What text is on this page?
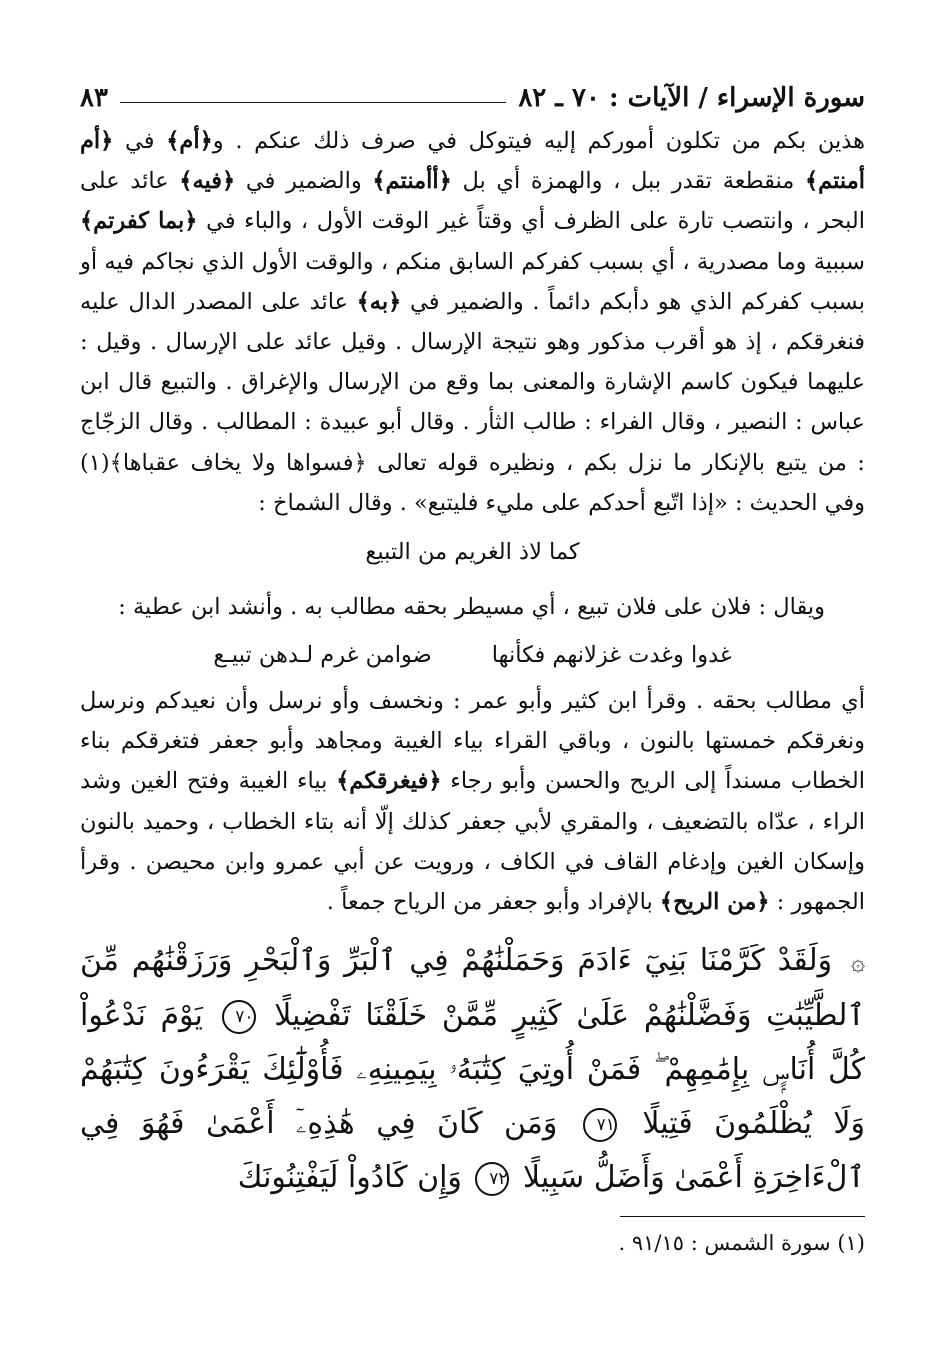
سورة الإسراء / الآيات : ٧٠ ـ ٨٢
٨٣

هذين بكم من تكلون أموركم إليه فيتوكل في صرف ذلك عنكم . و﴿أم﴾ في ﴿أم أمنتم﴾ منقطعة تقدر ببل ، والهمزة أي بل ﴿أأمنتم﴾ والضمير في ﴿فيه﴾ عائد على البحر ، وانتصب تارة على الظرف أي وقتاً غير الوقت الأول ، والباء في ﴿بما كفرتم﴾ سببية وما مصدرية ، أي بسبب كفركم السابق منكم ، والوقت الأول الذي نجاكم فيه أو بسبب كفركم الذي هو دأبكم دائماً . والضمير في ﴿به﴾ عائد على المصدر الدال عليه فنغرقكم ، إذ هو أقرب مذكور وهو نتيجة الإرسال . وقيل عائد على الإرسال . وقيل : عليهما فيكون كاسم الإشارة والمعنى بما وقع من الإرسال والإغراق . والتبيع قال ابن عباس : النصير ، وقال الفراء : طالب الثأر . وقال أبو عبيدة : المطالب . وقال الزجّاج : من يتبع بالإنكار ما نزل بكم ، ونظيره قوله تعالى ﴿فسواها ولا يخاف عقباها﴾(١) وفي الحديث : «إذا اتّبع أحدكم على مليء فليتبع» . وقال الشماخ :

كما لاذ الغريم من التبيع
ويقال : فلان على فلان تبيع ، أي مسيطر بحقه مطالب به . وأنشد ابن عطية :
غدوا وغدت غزلانهم فكأنها
ضوامن غرم لـدهن تبيـع

أي مطالب بحقه . وقرأ ابن كثير وأبو عمر : ونخسف وأو نرسل وأن نعيدكم ونرسل ونغرقكم خمستها بالنون ، وباقي القراء بياء الغيبة ومجاهد وأبو جعفر فتغرقكم بناء الخطاب مسنداً إلى الريح والحسن وأبو رجاء ﴿فيغرقكم﴾ بياء الغيبة وفتح الغين وشد الراء ، عدّاه بالتضعيف ، والمقري لأبي جعفر كذلك إلّا أنه بتاء الخطاب ، وحميد بالنون وإسكان الغين وإدغام القاف في الكاف ، ورويت عن أبي عمرو وابن محيصن . وقرأ الجمهور : ﴿من الريح﴾ بالإفراد وأبو جعفر من الرياح جمعاً .

۞ وَلَقَدْ كَرَّمْنَا بَنِيٓ ءَادَمَ وَحَمَلْنَٰهُمْ فِي ٱلْبَرِّ وَٱلْبَحْرِ وَرَزَقْنَٰهُم مِّنَ ٱلطَّيِّبَٰتِ وَفَضَّلْنَٰهُمْ عَلَىٰ كَثِيرٍ مِّمَّنْ خَلَقْنَا تَفْضِيلًا ٧٠ يَوْمَ نَدْعُواْ كُلَّ أُنَاسٍۭ بِإِمَٰمِهِمْ ۖ فَمَنْ أُوتِيَ كِتَٰبَهُۥ بِيَمِينِهِۦ فَأُوْلَٰٓئِكَ يَقْرَءُونَ كِتَٰبَهُمْ وَلَا يُظْلَمُونَ فَتِيلًا ٧١ وَمَن كَانَ فِي هَٰذِهِۦٓ أَعْمَىٰ فَهُوَ فِي ٱلْءَاخِرَةِ أَعْمَىٰ وَأَضَلُّ سَبِيلًا ٧٢ وَإِن كَادُواْ لَيَفْتِنُونَكَ
(١) سورة الشمس : ٩١/١٥ .
